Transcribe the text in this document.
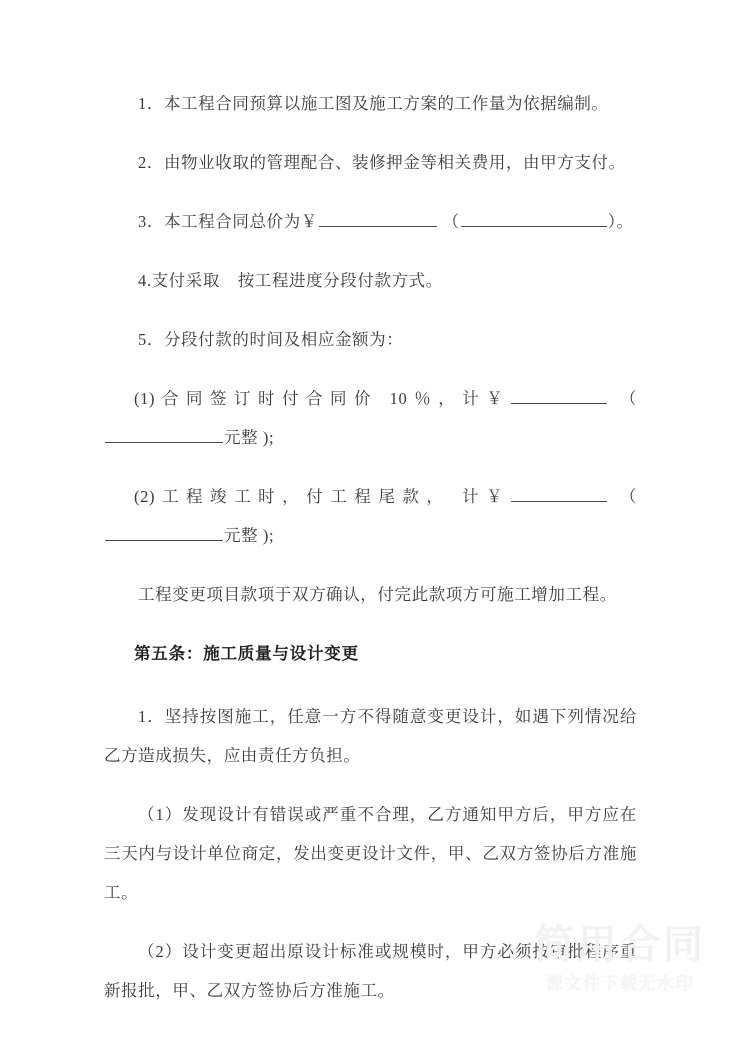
1．本工程合同预算以施工图及施工方案的工作量为依据编制。

2．由物业收取的管理配合、装修押金等相关费用，由甲方支付。

3．本工程合同总价为￥	（	）。

4.支付采取 按工程进度分段付款方式。

5．分段付款的时间及相应金额为：

(1)合同签订时付合同价 10％，计￥	（元整 );

(2)工程竣工时，付工程尾款， 计￥	（元整 );

工程变更项目款项于双方确认，付完此款项方可施工增加工程。

第五条：施工质量与设计变更

1．坚持按图施工，任意一方不得随意变更设计，如遇下列情况给乙方造成损失，应由责任方负担。

（1）发现设计有错误或严重不合理，乙方通知甲方后，甲方应在三天内与设计单位商定，发出变更设计文件，甲、乙双方签协后方准施工。

（2）设计变更超出原设计标准或规模时，甲方必须按审批程序重新报批，甲、乙双方签协后方准施工。

简用合同
源文件下载无水印
